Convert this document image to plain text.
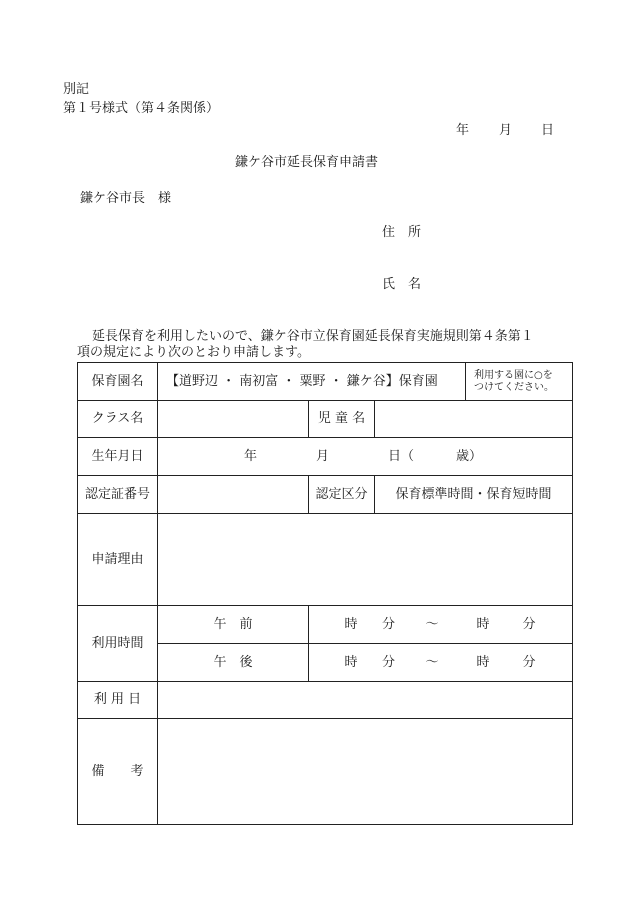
別記
第１号様式（第４条関係）
年 月 日
鎌ケ谷市延長保育申請書
鎌ケ谷市長　様
住　所
氏　名
延長保育を利用したいので、鎌ケ谷市立保育園延長保育実施規則第４条第１
項の規定により次のとおり申請します。
保育園名	【道野辺 ・ 南初富 ・ 粟野 ・ 鎌ケ谷】保育園			利用する園に○を
つけてください。
クラス名		児 童 名		
生年月日	年 月 日（ 歳）			
認定証番号		認定区分	保育標準時間・保育短時間	
申請理由				
利用時間	午　前	時 分 ～ 時 分		
	午　後	時 分 ～ 時 分		
利 用 日				
備　　考				
